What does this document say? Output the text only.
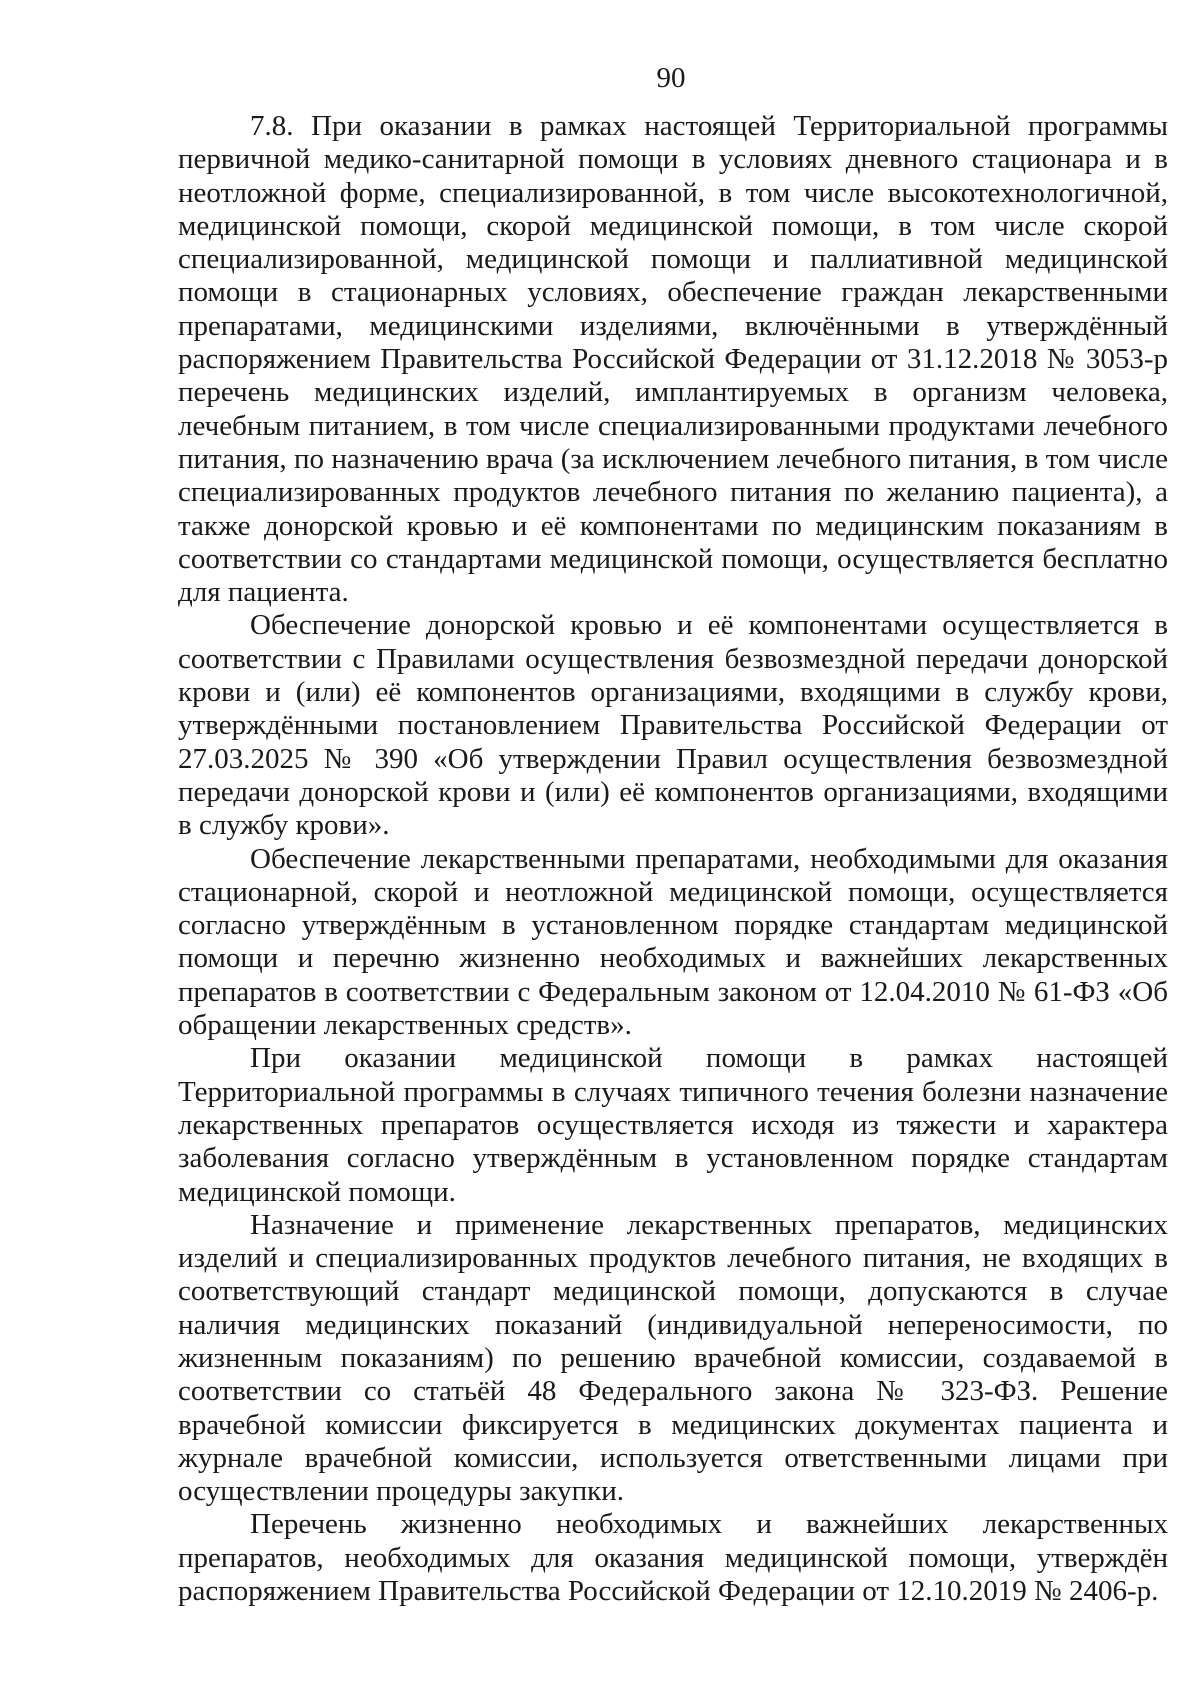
90

7.8. При оказании в рамках настоящей Территориальной программы первичной медико-санитарной помощи в условиях дневного стационара и в неотложной форме, специализированной, в том числе высокотехнологичной, медицинской помощи, скорой медицинской помощи, в том числе скорой специализированной, медицинской помощи и паллиативной медицинской помощи в стационарных условиях, обеспечение граждан лекарственными препаратами, медицинскими изделиями, включёнными в утверждённый распоряжением Правительства Российской Федерации от 31.12.2018 № 3053-р перечень медицинских изделий, имплантируемых в организм человека, лечебным питанием, в том числе специализированными продуктами лечебного питания, по назначению врача (за исключением лечебного питания, в том числе специализированных продуктов лечебного питания по желанию пациента), а также донорской кровью и её компонентами по медицинским показаниям в соответствии со стандартами медицинской помощи, осуществляется бесплатно для пациента.

Обеспечение донорской кровью и её компонентами осуществляется в соответствии с Правилами осуществления безвозмездной передачи донорской крови и (или) её компонентов организациями, входящими в службу крови, утверждёнными постановлением Правительства Российской Федерации от 27.03.2025 № 390 «Об утверждении Правил осуществления безвозмездной передачи донорской крови и (или) её компонентов организациями, входящими в службу крови».

Обеспечение лекарственными препаратами, необходимыми для оказания стационарной, скорой и неотложной медицинской помощи, осуществляется согласно утверждённым в установленном порядке стандартам медицинской помощи и перечню жизненно необходимых и важнейших лекарственных препаратов в соответствии с Федеральным законом от 12.04.2010 № 61-ФЗ «Об обращении лекарственных средств».

При оказании медицинской помощи в рамках настоящей Территориальной программы в случаях типичного течения болезни назначение лекарственных препаратов осуществляется исходя из тяжести и характера заболевания согласно утверждённым в установленном порядке стандартам медицинской помощи.

Назначение и применение лекарственных препаратов, медицинских изделий и специализированных продуктов лечебного питания, не входящих в соответствующий стандарт медицинской помощи, допускаются в случае наличия медицинских показаний (индивидуальной непереносимости, по жизненным показаниям) по решению врачебной комиссии, создаваемой в соответствии со статьёй 48 Федерального закона № 323-ФЗ. Решение врачебной комиссии фиксируется в медицинских документах пациента и журнале врачебной комиссии, используется ответственными лицами при осуществлении процедуры закупки.

Перечень жизненно необходимых и важнейших лекарственных препаратов, необходимых для оказания медицинской помощи, утверждён распоряжением Правительства Российской Федерации от 12.10.2019 № 2406-р.
